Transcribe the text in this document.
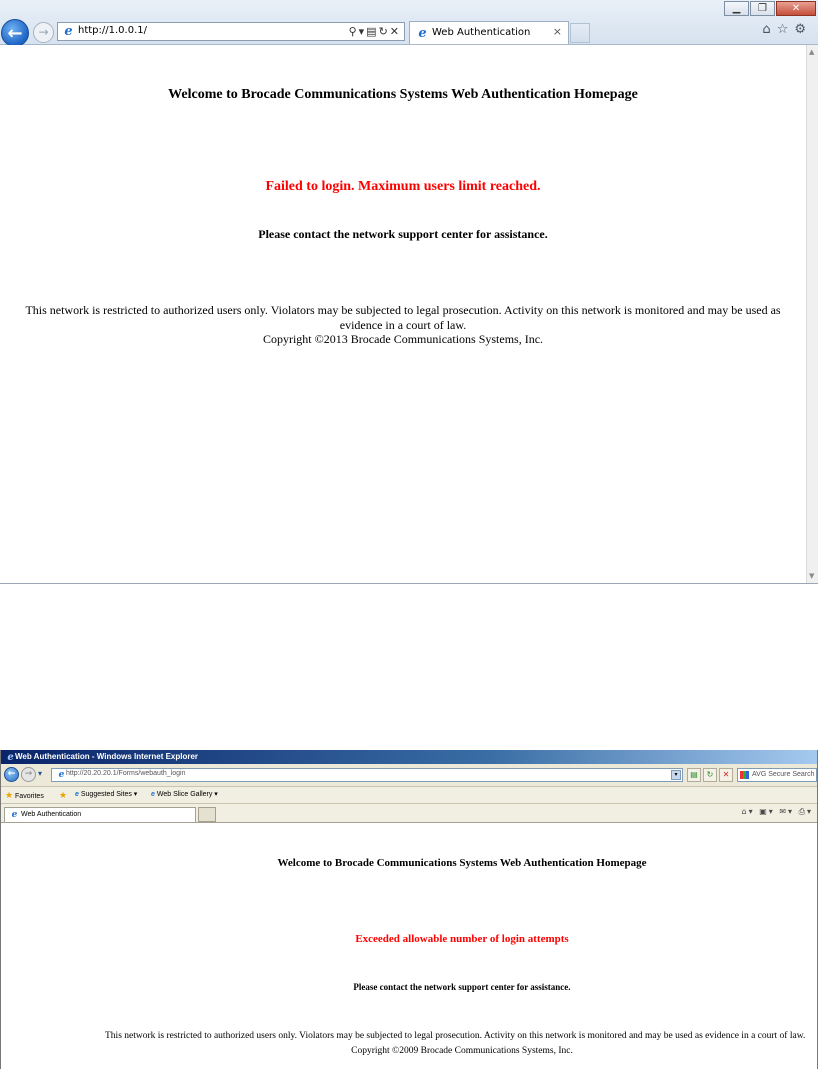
←	→	e http://1.0.0.1/	⚲▾▤↻✕ e Web Authentication ×
▁ ❐ ✕
⌂☆⚙
Welcome to Brocade Communications Systems Web Authentication Homepage
Failed to login. Maximum users limit reached.
Please contact the network support center for assistance.
This network is restricted to authorized users only. Violators may be subjected to legal prosecution. Activity on this network is monitored and may be used as evidence in a court of law.
Copyright ©2013 Brocade Communications Systems, Inc.
▲
▼
e Web Authentication - Windows Internet Explorer
←	→ ▾	e http://20.20.20.1/Forms/webauth_login	▾	▤	↻	✕	AVG Secure Search
★ Favorites ★ e Suggested Sites ▾ e Web Slice Gallery ▾
e Web Authentication	⌂▾ ▣▾ ✉▾ ⎙▾
Welcome to Brocade Communications Systems Web Authentication Homepage
Exceeded allowable number of login attempts
Please contact the network support center for assistance.
This network is restricted to authorized users only. Violators may be subjected to legal prosecution. Activity on this network is monitored and may be used as evidence in a court of law.
Copyright ©2009 Brocade Communications Systems, Inc.
